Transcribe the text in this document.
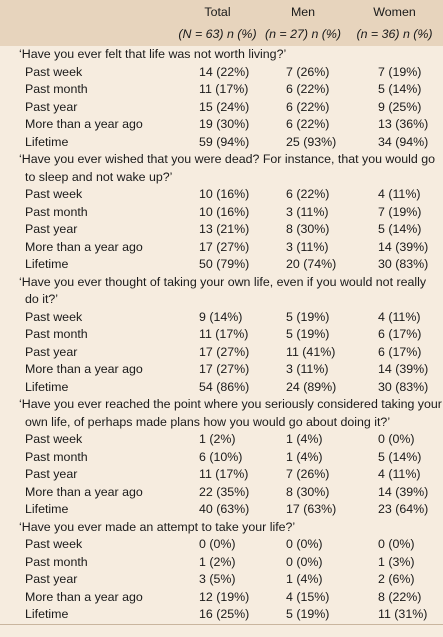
	Total	Men	Women
	(N = 63) n (%)	(n = 27) n (%)	(n = 36) n (%)

‘Have you ever felt that life was not worth living?’			

Past week	14 (22%)	7 (26%)	7 (19%)
Past month	11 (17%)	6 (22%)	5 (14%)
Past year	15 (24%)	6 (22%)	9 (25%)
More than a year ago	19 (30%)	6 (22%)	13 (36%)
Lifetime	59 (94%)	25 (93%)	34 (94%)

‘Have you ever wished that you were dead? For instance, that you would go to sleep and not wake up?’			

Past week	10 (16%)	6 (22%)	4 (11%)
Past month	10 (16%)	3 (11%)	7 (19%)
Past year	13 (21%)	8 (30%)	5 (14%)
More than a year ago	17 (27%)	3 (11%)	14 (39%)
Lifetime	50 (79%)	20 (74%)	30 (83%)

‘Have you ever thought of taking your own life, even if you would not really do it?’			

Past week	9 (14%)	5 (19%)	4 (11%)
Past month	11 (17%)	5 (19%)	6 (17%)
Past year	17 (27%)	11 (41%)	6 (17%)
More than a year ago	17 (27%)	3 (11%)	14 (39%)
Lifetime	54 (86%)	24 (89%)	30 (83%)

‘Have you ever reached the point where you seriously considered taking your own life, of perhaps made plans how you would go about doing it?’			

Past week	1 (2%)	1 (4%)	0 (0%)
Past month	6 (10%)	1 (4%)	5 (14%)
Past year	11 (17%)	7 (26%)	4 (11%)
More than a year ago	22 (35%)	8 (30%)	14 (39%)
Lifetime	40 (63%)	17 (63%)	23 (64%)

‘Have you ever made an attempt to take your life?’			

Past week	0 (0%)	0 (0%)	0 (0%)
Past month	1 (2%)	0 (0%)	1 (3%)
Past year	3 (5%)	1 (4%)	2 (6%)
More than a year ago	12 (19%)	4 (15%)	8 (22%)
Lifetime	16 (25%)	5 (19%)	11 (31%)
